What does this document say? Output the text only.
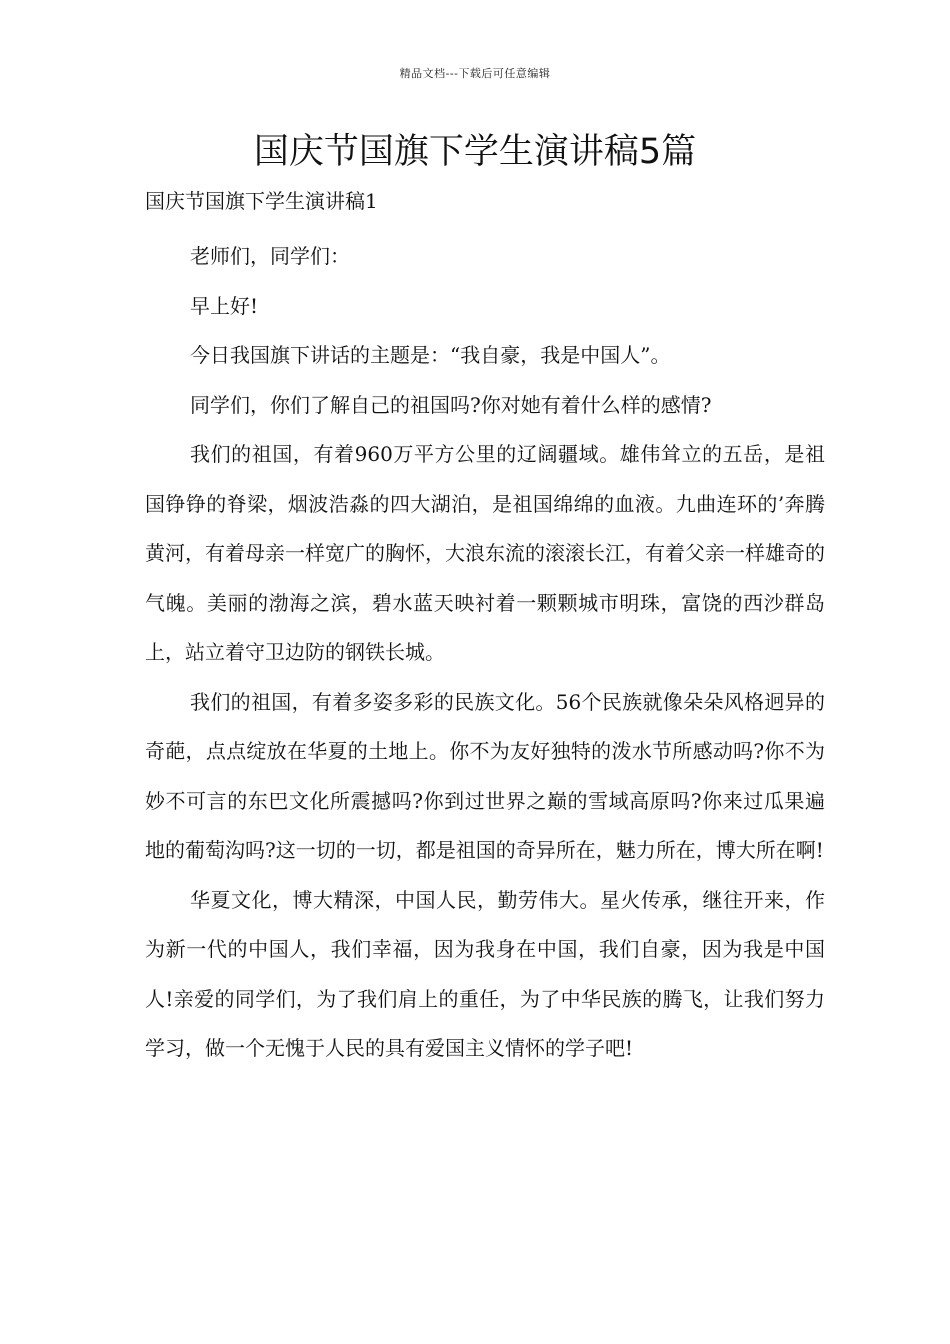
精品文档---下载后可任意编辑
国庆节国旗下学生演讲稿5篇
国庆节国旗下学生演讲稿1

老师们，同学们：

早上好!

今日我国旗下讲话的主题是：“我自豪，我是中国人”。

同学们，你们了解自己的祖国吗?你对她有着什么样的感情?

我们的祖国，有着960万平方公里的辽阔疆域。雄伟耸立的五岳，是祖国铮铮的脊梁，烟波浩淼的四大湖泊，是祖国绵绵的血液。九曲连环的’奔腾黄河，有着母亲一样宽广的胸怀，大浪东流的滚滚长江，有着父亲一样雄奇的气魄。美丽的渤海之滨，碧水蓝天映衬着一颗颗城市明珠，富饶的西沙群岛上，站立着守卫边防的钢铁长城。

我们的祖国，有着多姿多彩的民族文化。56个民族就像朵朵风格迥异的奇葩，点点绽放在华夏的土地上。你不为友好独特的泼水节所感动吗?你不为妙不可言的东巴文化所震撼吗?你到过世界之巅的雪域高原吗?你来过瓜果遍地的葡萄沟吗?这一切的一切，都是祖国的奇异所在，魅力所在，博大所在啊!

华夏文化，博大精深，中国人民，勤劳伟大。星火传承，继往开来，作为新一代的中国人，我们幸福，因为我身在中国，我们自豪，因为我是中国人!亲爱的同学们，为了我们肩上的重任，为了中华民族的腾飞，让我们努力学习，做一个无愧于人民的具有爱国主义情怀的学子吧!
